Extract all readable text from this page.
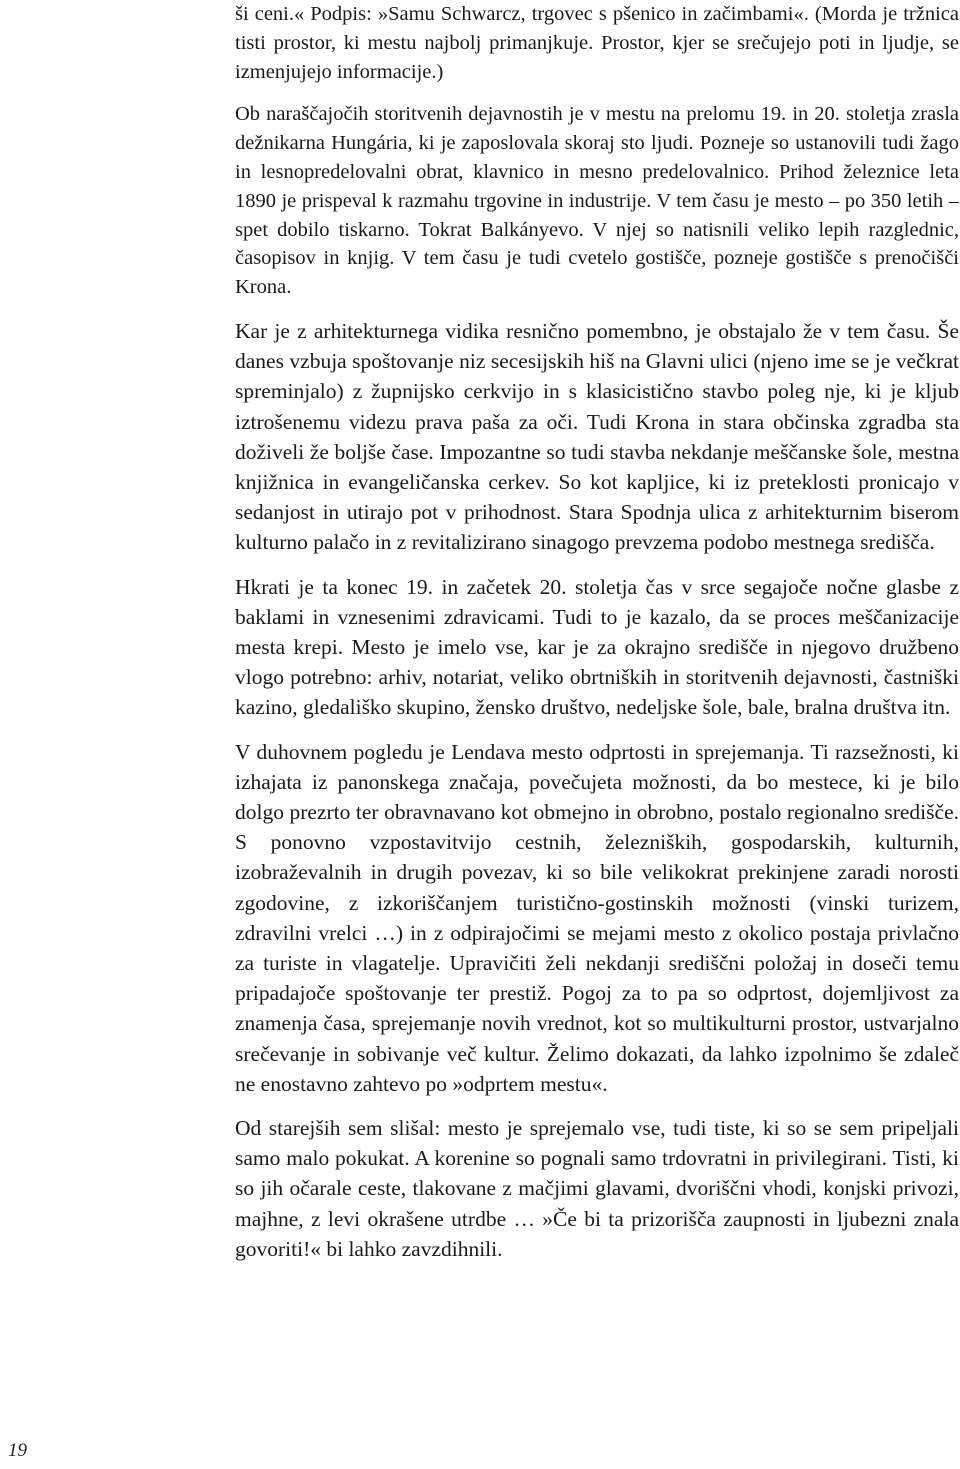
ši ceni.« Podpis: »Samu Schwarcz, trgovec s pšenico in začimbami«. (Morda je tržnica tisti prostor, ki mestu najbolj primanjkuje. Prostor, kjer se srečujejo poti in ljudje, se izmenjujejo informacije.)

Ob naraščajočih storitvenih dejavnostih je v mestu na prelomu 19. in 20. stoletja zrasla dežnikarna Hungária, ki je zaposlovala skoraj sto ljudi. Pozneje so ustanovili tudi žago in lesnopredelovalni obrat, klavnico in mesno predelovalnico. Prihod železnice leta 1890 je prispeval k razmahu trgovine in industrije. V tem času je mesto – po 350 letih – spet dobilo tiskarno. Tokrat Balkányevo. V njej so natisnili veliko lepih razglednic, časopisov in knjig. V tem času je tudi cvetelo gostišče, pozneje gostišče s prenočišči Krona.

Kar je z arhitekturnega vidika resnično pomembno, je obstajalo že v tem času. Še danes vzbuja spoštovanje niz secesijskih hiš na Glavni ulici (njeno ime se je večkrat spreminjalo) z župnijsko cerkvijo in s klasicistično stavbo poleg nje, ki je kljub iztrošenemu videzu prava paša za oči. Tudi Krona in stara občinska zgradba sta doživeli že boljše čase. Impozantne so tudi stavba nekdanje meščanske šole, mestna knjižnica in evangeličanska cerkev. So kot kapljice, ki iz preteklosti pronicajo v sedanjost in utirajo pot v prihodnost. Stara Spodnja ulica z arhitekturnim biserom kulturno palačo in z revitalizirano sinagogo prevzema podobo mestnega središča.

Hkrati je ta konec 19. in začetek 20. stoletja čas v srce segajoče nočne glasbe z baklami in vznesenimi zdravicami. Tudi to je kazalo, da se proces meščanizacije mesta krepi. Mesto je imelo vse, kar je za okrajno središče in njegovo družbeno vlogo potrebno: arhiv, notariat, veliko obrtniških in storitvenih dejavnosti, častniški kazino, gledališko skupino, žensko društvo, nedeljske šole, bale, bralna društva itn.

V duhovnem pogledu je Lendava mesto odprtosti in sprejemanja. Ti razsežnosti, ki izhajata iz panonskega značaja, povečujeta možnosti, da bo mestece, ki je bilo dolgo prezrto ter obravnavano kot obmejno in obrobno, postalo regionalno središče. S ponovno vzpostavitvijo cestnih, železniških, gospodarskih, kulturnih, izobraževalnih in drugih povezav, ki so bile velikokrat prekinjene zaradi norosti zgodovine, z izkoriščanjem turistično-gostinskih možnosti (vinski turizem, zdravilni vrelci …) in z odpirajočimi se mejami mesto z okolico postaja privlačno za turiste in vlagatelje. Upravičiti želi nekdanji središčni položaj in doseči temu pripadajoče spoštovanje ter prestiž. Pogoj za to pa so odprtost, dojemljivost za znamenja časa, sprejemanje novih vrednot, kot so multikulturni prostor, ustvarjalno srečevanje in sobivanje več kultur. Želimo dokazati, da lahko izpolnimo še zdaleč ne enostavno zahtevo po »odprtem mestu«.

Od starejših sem slišal: mesto je sprejemalo vse, tudi tiste, ki so se sem pripeljali samo malo pokukat. A korenine so pognali samo trdovratni in privilegirani. Tisti, ki so jih očarale ceste, tlakovane z mačjimi glavami, dvoriščni vhodi, konjski privozi, majhne, z levi okrašene utrdbe … »Če bi ta prizorišča zaupnosti in ljubezni znala govoriti!« bi lahko zavzdihnili.

19
